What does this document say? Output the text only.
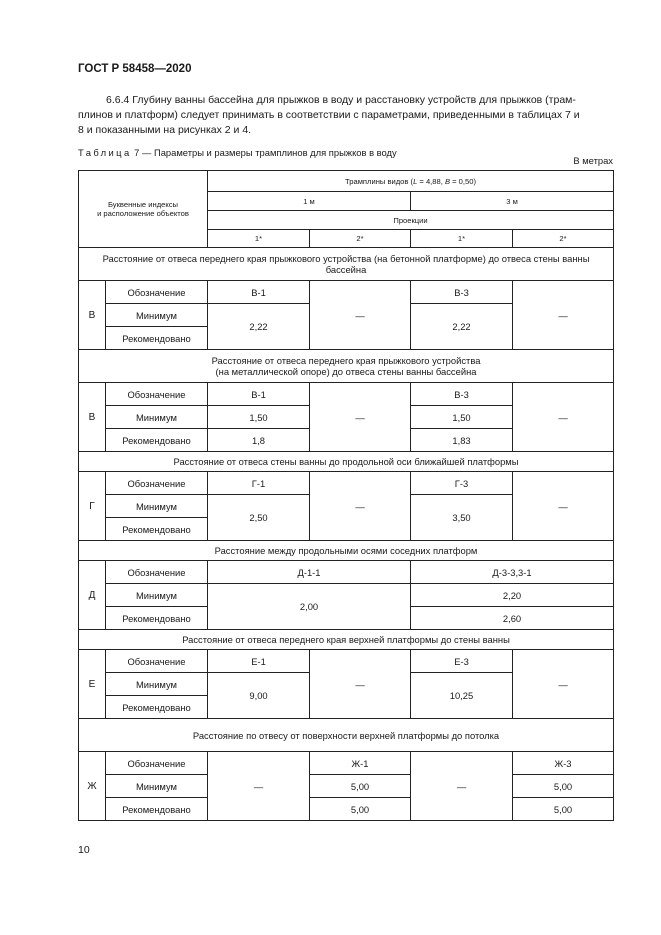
ГОСТ Р 58458—2020
6.6.4 Глубину ванны бассейна для прыжков в воду и расстановку устройств для прыжков (трам-
плинов и платформ) следует принимать в соответствии с параметрами, приведенными в таблицах 7 и
8 и показанными на рисунках 2 и 4.
Таблица 7 — Параметры и размеры трамплинов для прыжков в воду
В метрах
Буквенные индексы
и расположение объектов		Трамплины видов (L = 4,88, B = 0,50)			
		1 м		3 м	
		Проекции			
		1*	2*	1*	2*
Расстояние от отвеса переднего края прыжкового устройства (на бетонной платформе) до отвеса стены ванны бассейна					
В	Обозначение	В-1	—	В-3	—
	Минимум	2,22		2,22	
	Рекомендовано				

Расстояние от отвеса переднего края прыжкового устройства
(на металлической опоре) до отвеса стены ванны бассейна					

В	Обозначение	В-1	—	В-3	—
	Минимум	1,50		1,50	
	Рекомендовано	1,8		1,83	
Расстояние от отвеса стены ванны до продольной оси ближайшей платформы					
Г	Обозначение	Г-1	—	Г-3	—
	Минимум	2,50		3,50	
	Рекомендовано				
Расстояние между продольными осями соседних платформ					
Д	Обозначение	Д-1-1		Д-3-3,3-1	
	Минимум	2,00		2,20	
	Рекомендовано			2,60	
Расстояние от отвеса переднего края верхней платформы до стены ванны					
Е	Обозначение	Е-1	—	Е-3	—
	Минимум	9,00		10,25	
	Рекомендовано				
Расстояние по отвесу от поверхности верхней платформы до потолка					
Ж	Обозначение	—	Ж-1	—	Ж-3
	Минимум		5,00		5,00
	Рекомендовано		5,00		5,00
10
